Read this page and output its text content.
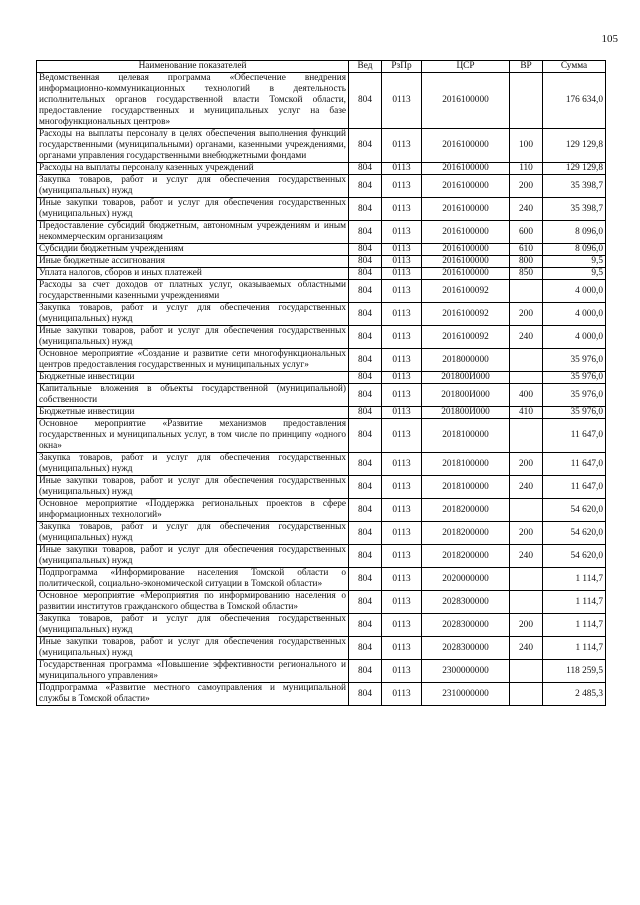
105
Наименование показателей	Вед	РзПр	ЦСР	ВР	Сумма
Ведомственная целевая программа «Обеспечение внедрения информационно-коммуникационных технологий в деятельность исполнительных органов государственной власти Томской области, предоставление государственных и муниципальных услуг на базе многофункциональных центров»	804	0113	2016100000		176 634,0
Расходы на выплаты персоналу в целях обеспечения выполнения функций государственными (муниципальными) органами, казенными учреждениями, органами управления государственными внебюджетными фондами	804	0113	2016100000	100	129 129,8
Расходы на выплаты персоналу казенных учреждений	804	0113	2016100000	110	129 129,8
Закупка товаров, работ и услуг для обеспечения государственных (муниципальных) нужд	804	0113	2016100000	200	35 398,7
Иные закупки товаров, работ и услуг для обеспечения государственных (муниципальных) нужд	804	0113	2016100000	240	35 398,7
Предоставление субсидий бюджетным, автономным учреждениям и иным некоммерческим организациям	804	0113	2016100000	600	8 096,0
Субсидии бюджетным учреждениям	804	0113	2016100000	610	8 096,0
Иные бюджетные ассигнования	804	0113	2016100000	800	9,5
Уплата налогов, сборов и иных платежей	804	0113	2016100000	850	9,5
Расходы за счет доходов от платных услуг, оказываемых областными государственными казенными учреждениями	804	0113	2016100092		4 000,0
Закупка товаров, работ и услуг для обеспечения государственных (муниципальных) нужд	804	0113	2016100092	200	4 000,0
Иные закупки товаров, работ и услуг для обеспечения государственных (муниципальных) нужд	804	0113	2016100092	240	4 000,0
Основное мероприятие «Создание и развитие сети многофункциональных центров предоставления государственных и муниципальных услуг»	804	0113	2018000000		35 976,0
Бюджетные инвестиции	804	0113	201800И000		35 976,0
Капитальные вложения в объекты государственной (муниципальной) собственности	804	0113	201800И000	400	35 976,0
Бюджетные инвестиции	804	0113	201800И000	410	35 976,0
Основное мероприятие «Развитие механизмов предоставления государственных и муниципальных услуг, в том числе по принципу «одного окна»	804	0113	2018100000		11 647,0
Закупка товаров, работ и услуг для обеспечения государственных (муниципальных) нужд	804	0113	2018100000	200	11 647,0
Иные закупки товаров, работ и услуг для обеспечения государственных (муниципальных) нужд	804	0113	2018100000	240	11 647,0
Основное мероприятие «Поддержка региональных проектов в сфере информационных технологий»	804	0113	2018200000		54 620,0
Закупка товаров, работ и услуг для обеспечения государственных (муниципальных) нужд	804	0113	2018200000	200	54 620,0
Иные закупки товаров, работ и услуг для обеспечения государственных (муниципальных) нужд	804	0113	2018200000	240	54 620,0
Подпрограмма «Информирование населения Томской области о политической, социально-экономической ситуации в Томской области»	804	0113	2020000000		1 114,7
Основное мероприятие «Мероприятия по информированию населения о развитии институтов гражданского общества в Томской области»	804	0113	2028300000		1 114,7
Закупка товаров, работ и услуг для обеспечения государственных (муниципальных) нужд	804	0113	2028300000	200	1 114,7
Иные закупки товаров, работ и услуг для обеспечения государственных (муниципальных) нужд	804	0113	2028300000	240	1 114,7
Государственная программа «Повышение эффективности регионального и муниципального управления»	804	0113	2300000000		118 259,5
Подпрограмма «Развитие местного самоуправления и муниципальной службы в Томской области»	804	0113	2310000000		2 485,3
